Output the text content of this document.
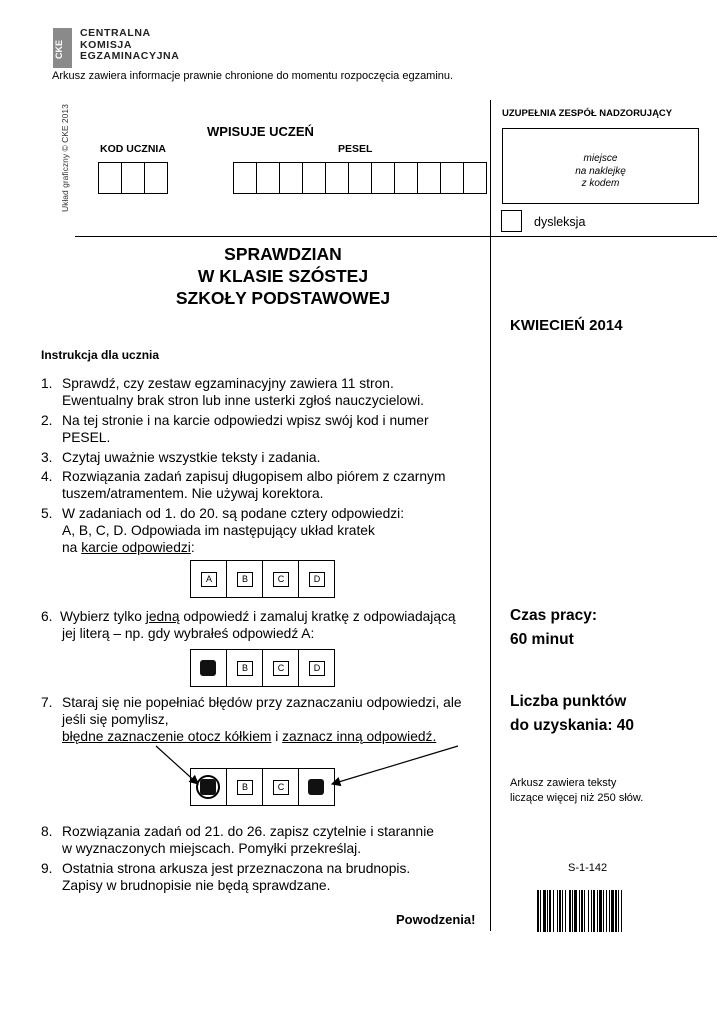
CKE
CENTRALNA
KOMISJA
EGZAMINACYJNA
Arkusz zawiera informacje prawnie chronione do momentu rozpoczęcia egzaminu.
Układ graficzny © CKE 2013	WPISUJE UCZEŃ
KOD UCZNIA	PESEL
UZUPEŁNIA ZESPÓŁ NADZORUJĄCY
miejsce
na naklejkę
z kodem
dysleksja
SPRAWDZIAN
W KLASIE SZÓSTEJ
SZKOŁY PODSTAWOWEJ
KWIECIEŃ 2014
Instrukcja dla ucznia
1. Sprawdź, czy zestaw egzaminacyjny zawiera 11 stron.
Ewentualny brak stron lub inne usterki zgłoś nauczycielowi.
2. Na tej stronie i na karcie odpowiedzi wpisz swój kod i numer
PESEL.
3. Czytaj uważnie wszystkie teksty i zadania.
4. Rozwiązania zadań zapisuj długopisem albo piórem z czarnym
tuszem/atramentem. Nie używaj korektora.
5. W zadaniach od 1. do 20. są podane cztery odpowiedzi:
A, B, C, D. Odpowiada im następujący układ kratek
na karcie odpowiedzi:
6. Wybierz tylko jedną odpowiedź i zamaluj kratkę z odpowiadającą
jej literą – np. gdy wybrałeś odpowiedź A:
7. Staraj się nie popełniać błędów przy zaznaczaniu odpowiedzi, ale
jeśli się pomylisz,
błędne zaznaczenie otocz kółkiem i zaznacz inną odpowiedź.
8. Rozwiązania zadań od 21. do 26. zapisz czytelnie i starannie
w wyznaczonych miejscach. Pomyłki przekreślaj.
9. Ostatnia strona arkusza jest przeznaczona na brudnopis.
Zapisy w brudnopisie nie będą sprawdzane.
A	B	C	D
B	C	D
B	C
Czas pracy:
60 minut
Liczba punktów
do uzyskania: 40
Arkusz zawiera teksty
liczące więcej niż 250 słów.
S-1-142
Powodzenia!
